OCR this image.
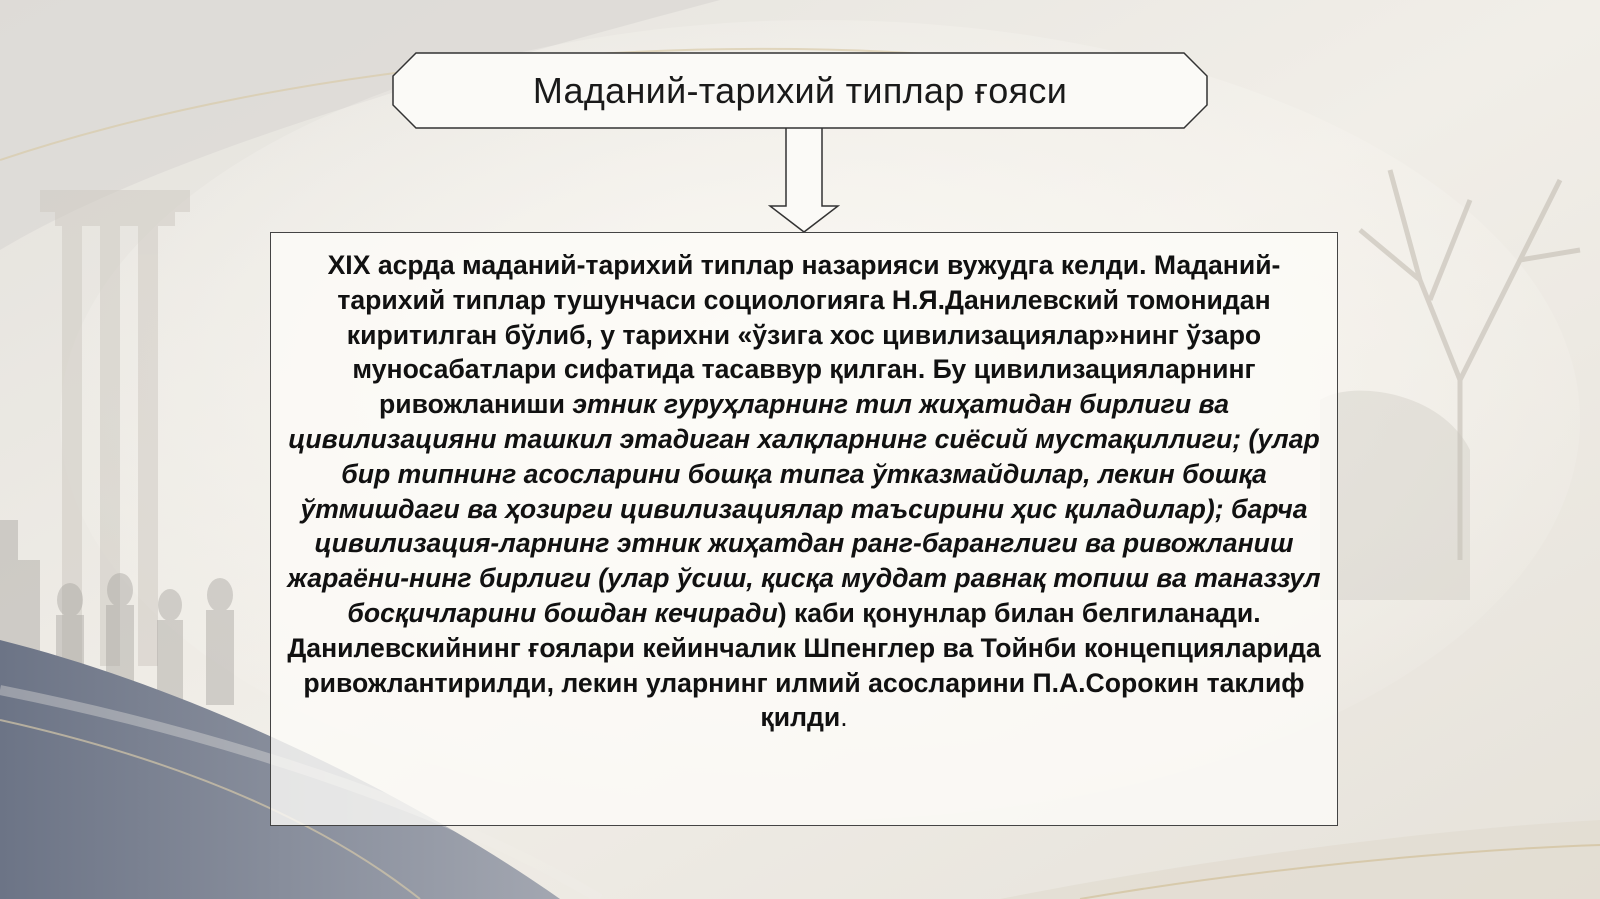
Маданий-тарихий типлар ғояси

XIX асрда маданий-тарихий типлар назарияси вужудга келди. Маданий-тарихий типлар тушунчаси социологияга Н.Я.Данилевский томонидан киритилган бўлиб, у тарихни «ўзига хос цивилизациялар»нинг ўзаро муносабатлари сифатида тасаввур қилган. Бу цивилизацияларнинг ривожланиши этник гуруҳларнинг тил жиҳатидан бирлиги ва цивилизацияни ташкил этадиган халқларнинг сиёсий мустақиллиги; (улар бир типнинг асосларини бошқа типга ўтказмайдилар, лекин бошқа ўтмишдаги ва ҳозирги цивилизациялар таъсирини ҳис қиладилар); барча цивилизация-ларнинг этник жиҳатдан ранг-баранглиги ва ривожланиш жараёни-нинг бирлиги (улар ўсиш, қисқа муддат равнақ топиш ва таназзул босқичларини бошдан кечиради) каби қонунлар билан белгиланади. Данилевскийнинг ғоялари кейинчалик Шпенглер ва Тойнби концепцияларида ривожлантирилди, лекин уларнинг илмий асосларини П.А.Сорокин таклиф қилди.
